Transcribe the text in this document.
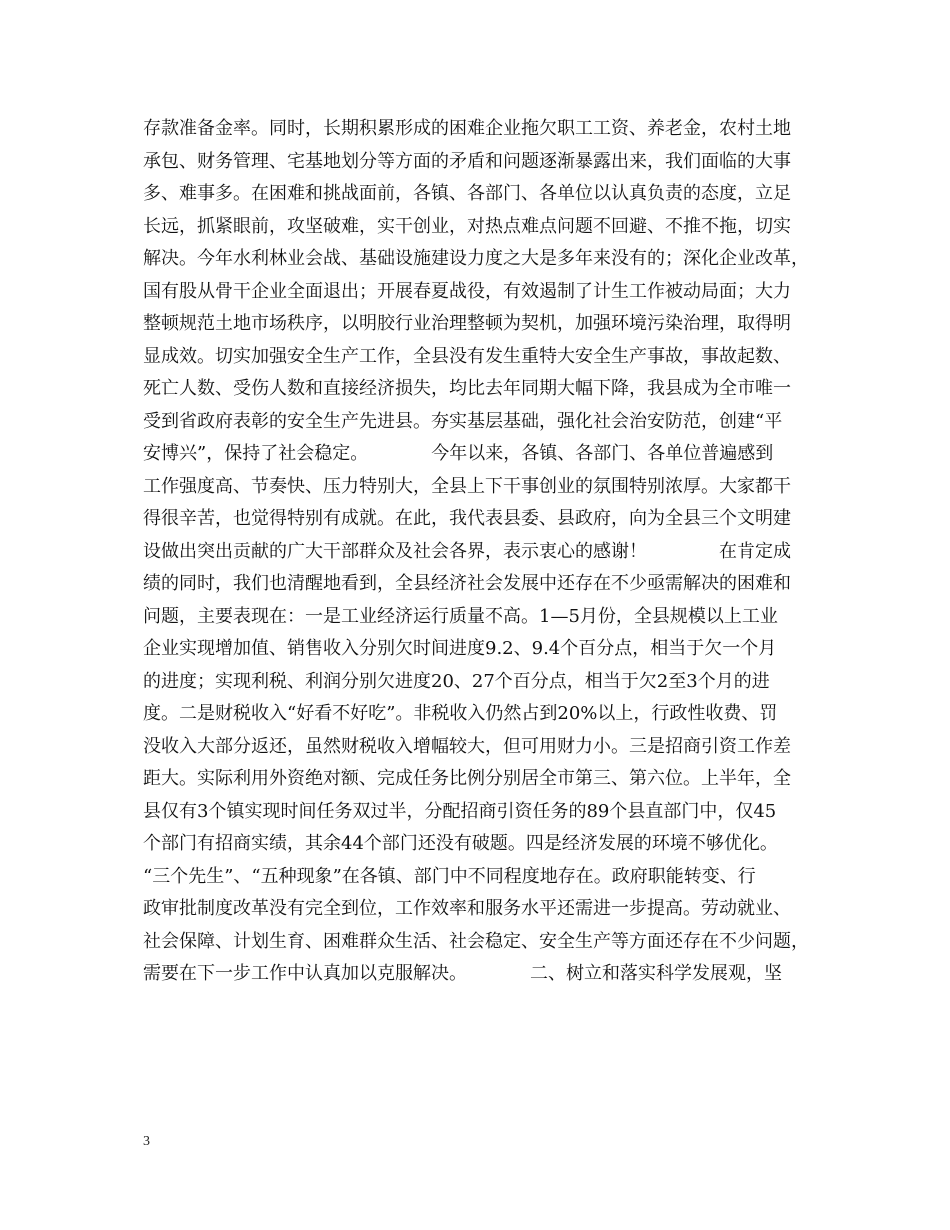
存款准备金率。同时，长期积累形成的困难企业拖欠职工工资、养老金，农村土地
承包、财务管理、宅基地划分等方面的矛盾和问题逐渐暴露出来，我们面临的大事
多、难事多。在困难和挑战面前，各镇、各部门、各单位以认真负责的态度，立足
长远，抓紧眼前，攻坚破难，实干创业，对热点难点问题不回避、不推不拖，切实
解决。今年水利林业会战、基础设施建设力度之大是多年来没有的；深化企业改革，
国有股从骨干企业全面退出；开展春夏战役，有效遏制了计生工作被动局面；大力
整顿规范土地市场秩序，以明胶行业治理整顿为契机，加强环境污染治理，取得明
显成效。切实加强安全生产工作，全县没有发生重特大安全生产事故，事故起数、
死亡人数、受伤人数和直接经济损失，均比去年同期大幅下降，我县成为全市唯一
受到省政府表彰的安全生产先进县。夯实基层基础，强化社会治安防范，创建“平
安博兴”，保持了社会稳定。　　　　今年以来，各镇、各部门、各单位普遍感到
工作强度高、节奏快、压力特别大，全县上下干事创业的氛围特别浓厚。大家都干
得很辛苦，也觉得特别有成就。在此，我代表县委、县政府，向为全县三个文明建
设做出突出贡献的广大干部群众及社会各界，表示衷心的感谢！　　　　在肯定成
绩的同时，我们也清醒地看到，全县经济社会发展中还存在不少亟需解决的困难和
问题，主要表现在：一是工业经济运行质量不高。1—5月份，全县规模以上工业
企业实现增加值、销售收入分别欠时间进度9.2、9.4个百分点，相当于欠一个月
的进度；实现利税、利润分别欠进度20、27个百分点，相当于欠2至3个月的进
度。二是财税收入“好看不好吃”。非税收入仍然占到20%以上，行政性收费、罚
没收入大部分返还，虽然财税收入增幅较大，但可用财力小。三是招商引资工作差
距大。实际利用外资绝对额、完成任务比例分别居全市第三、第六位。上半年，全
县仅有3个镇实现时间任务双过半，分配招商引资任务的89个县直部门中，仅45
个部门有招商实绩，其余44个部门还没有破题。四是经济发展的环境不够优化。
“三个先生”、“五种现象”在各镇、部门中不同程度地存在。政府职能转变、行
政审批制度改革没有完全到位，工作效率和服务水平还需进一步提高。劳动就业、
社会保障、计划生育、困难群众生活、社会稳定、安全生产等方面还存在不少问题，
需要在下一步工作中认真加以克服解决。　　　　二、树立和落实科学发展观，坚
3
